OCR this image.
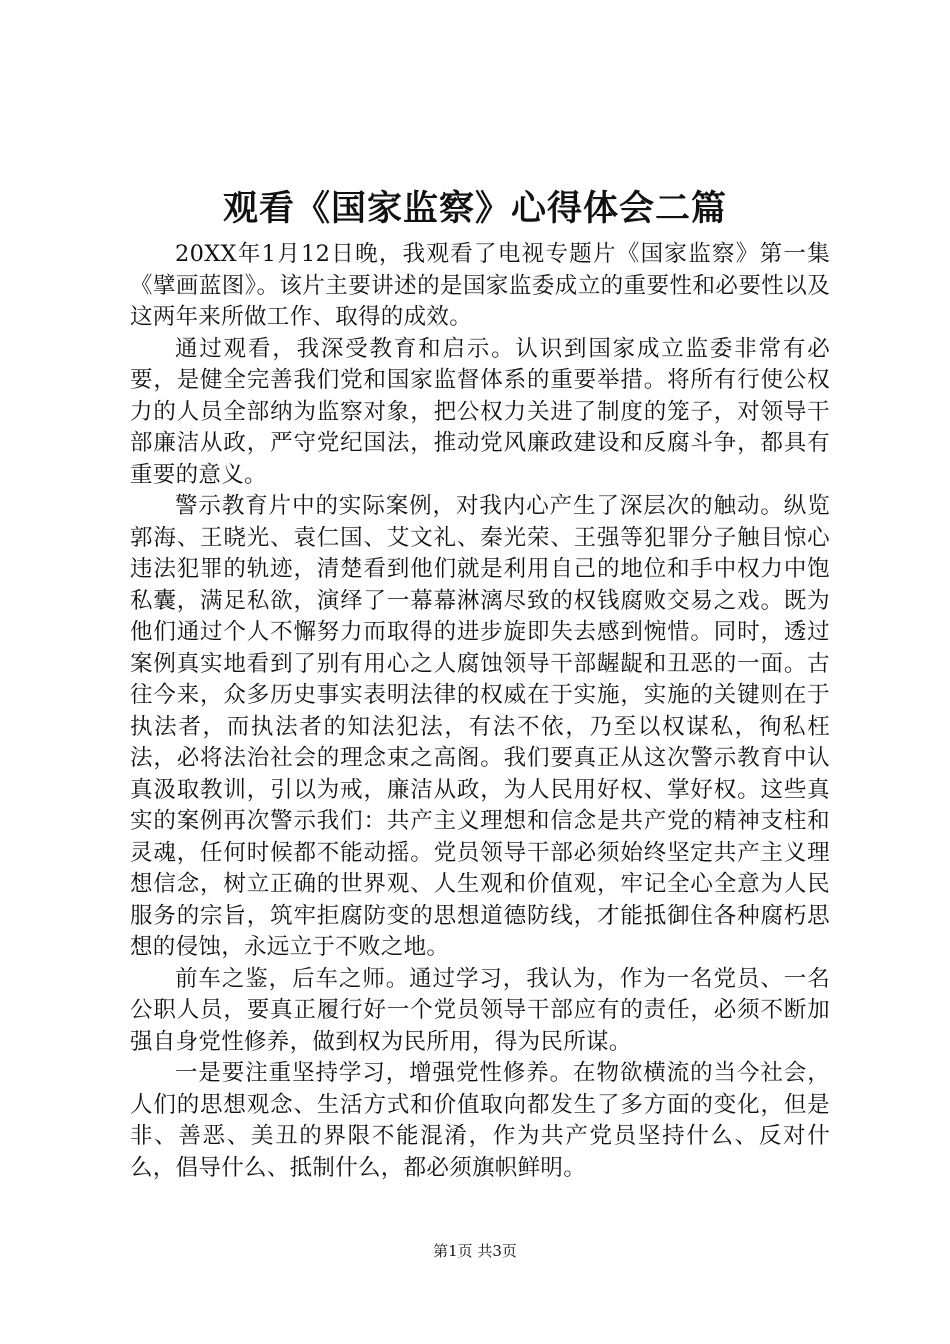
观看《国家监察》心得体会二篇

20XX年1月12日晚，我观看了电视专题片《国家监察》第一集《擘画蓝图》。该片主要讲述的是国家监委成立的重要性和必要性以及这两年来所做工作、取得的成效。

通过观看，我深受教育和启示。认识到国家成立监委非常有必要，是健全完善我们党和国家监督体系的重要举措。将所有行使公权力的人员全部纳为监察对象，把公权力关进了制度的笼子，对领导干部廉洁从政，严守党纪国法，推动党风廉政建设和反腐斗争，都具有重要的意义。

警示教育片中的实际案例，对我内心产生了深层次的触动。纵览郭海、王晓光、袁仁国、艾文礼、秦光荣、王强等犯罪分子触目惊心违法犯罪的轨迹，清楚看到他们就是利用自己的地位和手中权力中饱私囊，满足私欲，演绎了一幕幕淋漓尽致的权钱腐败交易之戏。既为他们通过个人不懈努力而取得的进步旋即失去感到惋惜。同时，透过案例真实地看到了别有用心之人腐蚀领导干部龌龊和丑恶的一面。古往今来，众多历史事实表明法律的权威在于实施，实施的关键则在于执法者，而执法者的知法犯法，有法不依，乃至以权谋私，徇私枉法，必将法治社会的理念束之高阁。我们要真正从这次警示教育中认真汲取教训，引以为戒，廉洁从政，为人民用好权、掌好权。这些真实的案例再次警示我们：共产主义理想和信念是共产党的精神支柱和灵魂，任何时候都不能动摇。党员领导干部必须始终坚定共产主义理想信念，树立正确的世界观、人生观和价值观，牢记全心全意为人民服务的宗旨，筑牢拒腐防变的思想道德防线，才能抵御住各种腐朽思想的侵蚀，永远立于不败之地。

前车之鉴，后车之师。通过学习，我认为，作为一名党员、一名公职人员，要真正履行好一个党员领导干部应有的责任，必须不断加强自身党性修养，做到权为民所用，得为民所谋。

一是要注重坚持学习，增强党性修养。在物欲横流的当今社会，人们的思想观念、生活方式和价值取向都发生了多方面的变化，但是非、善恶、美丑的界限不能混淆，作为共产党员坚持什么、反对什么，倡导什么、抵制什么，都必须旗帜鲜明。

第1页 共3页
